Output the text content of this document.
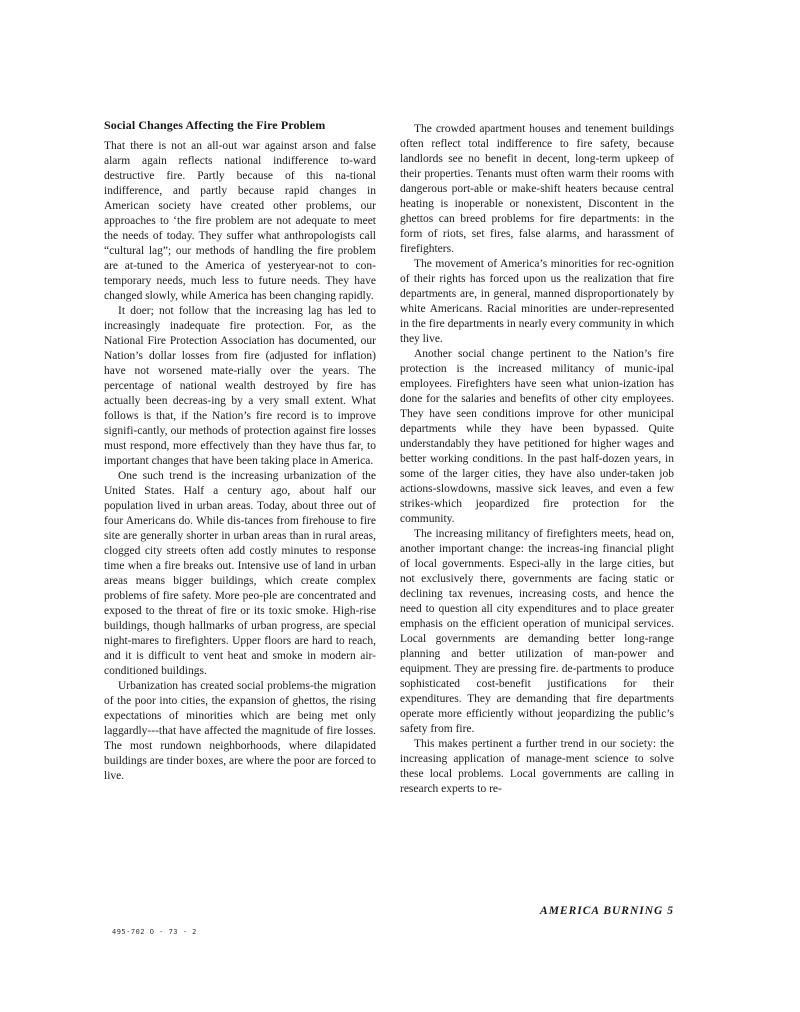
Social Changes Affecting the Fire Problem

That there is not an all-out war against arson and false alarm again reflects national indifference to-ward destructive fire. Partly because of this na-tional indifference, and partly because rapid changes in American society have created other problems, our approaches to ‘the fire problem are not adequate to meet the needs of today. They suffer what anthropologists call “cultural lag”; our methods of handling the fire problem are at-tuned to the America of yesteryear-not to con-temporary needs, much less to future needs. They have changed slowly, while America has been changing rapidly.

It doer; not follow that the increasing lag has led to increasingly inadequate fire protection. For, as the National Fire Protection Association has documented, our Nation’s dollar losses from fire (adjusted for inflation) have not worsened mate-rially over the years. The percentage of national wealth destroyed by fire has actually been decreas-ing by a very small extent. What follows is that, if the Nation’s fire record is to improve signifi-cantly, our methods of protection against fire losses must respond, more effectively than they have thus far, to important changes that have been taking place in America.

One such trend is the increasing urbanization of the United States. Half a century ago, about half our population lived in urban areas. Today, about three out of four Americans do. While dis-tances from firehouse to fire site are generally shorter in urban areas than in rural areas, clogged city streets often add costly minutes to response time when a fire breaks out. Intensive use of land in urban areas means bigger buildings, which create complex problems of fire safety. More peo-ple are concentrated and exposed to the threat of fire or its toxic smoke. High-rise buildings, though hallmarks of urban progress, are special night-mares to firefighters. Upper floors are hard to reach, and it is difficult to vent heat and smoke in modern air-conditioned buildings.

Urbanization has created social problems-the migration of the poor into cities, the expansion of ghettos, the rising expectations of minorities which are being met only laggardly---that have affected the magnitude of fire losses. The most rundown neighborhoods, where dilapidated buildings are tinder boxes, are where the poor are forced to live.

The crowded apartment houses and tenement buildings often reflect total indifference to fire safety, because landlords see no benefit in decent, long-term upkeep of their properties. Tenants must often warm their rooms with dangerous port-able or make-shift heaters because central heating is inoperable or nonexistent, Discontent in the ghettos can breed problems for fire departments: in the form of riots, set fires, false alarms, and harassment of firefighters.

The movement of America’s minorities for rec-ognition of their rights has forced upon us the realization that fire departments are, in general, manned disproportionately by white Americans. Racial minorities are under-represented in the fire departments in nearly every community in which they live.

Another social change pertinent to the Nation’s fire protection is the increased militancy of munic-ipal employees. Firefighters have seen what union-ization has done for the salaries and benefits of other city employees. They have seen conditions improve for other municipal departments while they have been bypassed. Quite understandably they have petitioned for higher wages and better working conditions. In the past half-dozen years, in some of the larger cities, they have also under-taken job actions-slowdowns, massive sick leaves, and even a few strikes-which jeopardized fire protection for the community.

The increasing militancy of firefighters meets, head on, another important change: the increas-ing financial plight of local governments. Especi-ally in the large cities, but not exclusively there, governments are facing static or declining tax revenues, increasing costs, and hence the need to question all city expenditures and to place greater emphasis on the efficient operation of municipal services. Local governments are demanding better long-range planning and better utilization of man-power and equipment. They are pressing fire. de-partments to produce sophisticated cost-benefit justifications for their expenditures. They are demanding that fire departments operate more efficiently without jeopardizing the public’s safety from fire.

This makes pertinent a further trend in our society: the increasing application of manage-ment science to solve these local problems. Local governments are calling in research experts to re-

AMERICA BURNING 5
495-702 O - 73 - 2
